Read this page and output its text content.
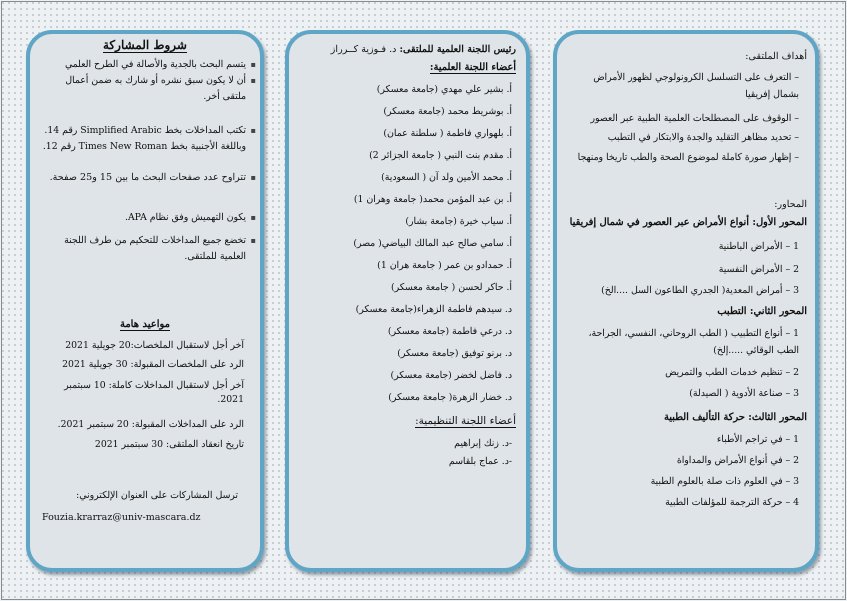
شروط المشاركة
▪
يتسم البحث بالجدية والأصالة في الطرح العلمي
▪
أن لا يكون سبق نشره أو شارك به ضمن أعمال ملتقى أخر.
▪
تكتب المداخلات بخط Simplified Arabic رقم 14. وباللغة الأجنبية بخط Times New Roman رقم 12.
▪
تتراوح عدد صفحات البحث ما بين 15 و25 صفحة.
▪
يكون التهميش وفق نظام APA.
▪
تخضع جميع المداخلات للتحكيم من طرف اللجنة العلمية للملتقى.
مواعيد هامة
آخر أجل لاستقبال الملخصات:20 جويلية 2021
الرد على الملخصات المقبولة: 30 جويلية 2021
آخر أجل لاستقبال المداخلات كاملة: 10 سبتمبر 2021.
الرد على المداخلات المقبولة: 20 سبتمبر 2021.
تاريخ انعقاد الملتقى: 30 سبتمبر 2021
ترسل المشاركات على العنوان الإلكتروني:
Fouzia.krarraz@univ-mascara.dz
رئيس اللجنة العلمية للملتقى: د. فـوزية كــرراز
أعضاء اللجنة العلمية:
أ. بشير علي مهدي (جامعة معسكر)
أ. بوشريط محمد (جامعة معسكر)
أ. بلهواري فاطمة ( سلطنة عمان)
أ. مقدم بنت النبي ( جامعة الجزائر 2)
أ. محمد الأمين ولد آن ( السعودية)
أ. بن عبد المؤمن محمد( جامعة وهران 1)
أ. سياب خيرة (جامعة بشار)
أ. سامي صالح عبد المالك البياضي( مصر)
أ. حمدادو بن عمر ( جامعة هران 1)
أ. حاكر لحسن ( جامعة معسكر)
د. سيدهم فاطمة الزهراء(جامعة معسكر)
د. درعي فاطمة (جامعة معسكر)
د. برنو توفيق (جامعة معسكر)
د. فاضل لخضر (جامعة معسكر)
د. خضار الزهرة( جامعة معسكر)
أعضاء اللجنة التنظيمية:
-د. زنك إبراهيم
-د. عماج بلقاسم
أهداف الملتقى:
– التعرف على التسلسل الكرونولوجي لظهور الأمراض بشمال إفريقيا
– الوقوف على المصطلحات العلمية الطبية عبر العصور
– تحديد مظاهر التقليد والجدة والابتكار في التطبب
– إظهار صورة كاملة لموضوع الصحة والطب تاريخا ومنهجا
المحاور:
المحور الأول: أنواع الأمراض عبر العصور في شمال إفريقيا
1 – الأمراض الباطنية
2 – الأمراض النفسية
3 – أمراض المعدية( الجدري الطاعون السل ....الخ)
المحور الثاني: التطبب
1 – أنواع التطبيب ( الطب الروحاني، النفسي، الجراحة، الطب الوقائي .....إلخ)
2 – تنظيم خدمات الطب والتمريض
3 – صناعة الأدوية ( الصيدلة)
المحور الثالث: حركة التأليف الطبية
1 – في تراجم الأطباء
2 – في أنواع الأمراض والمداواة
3 – في العلوم ذات صلة بالعلوم الطبية
4 – حركة الترجمة للمؤلفات الطبية
